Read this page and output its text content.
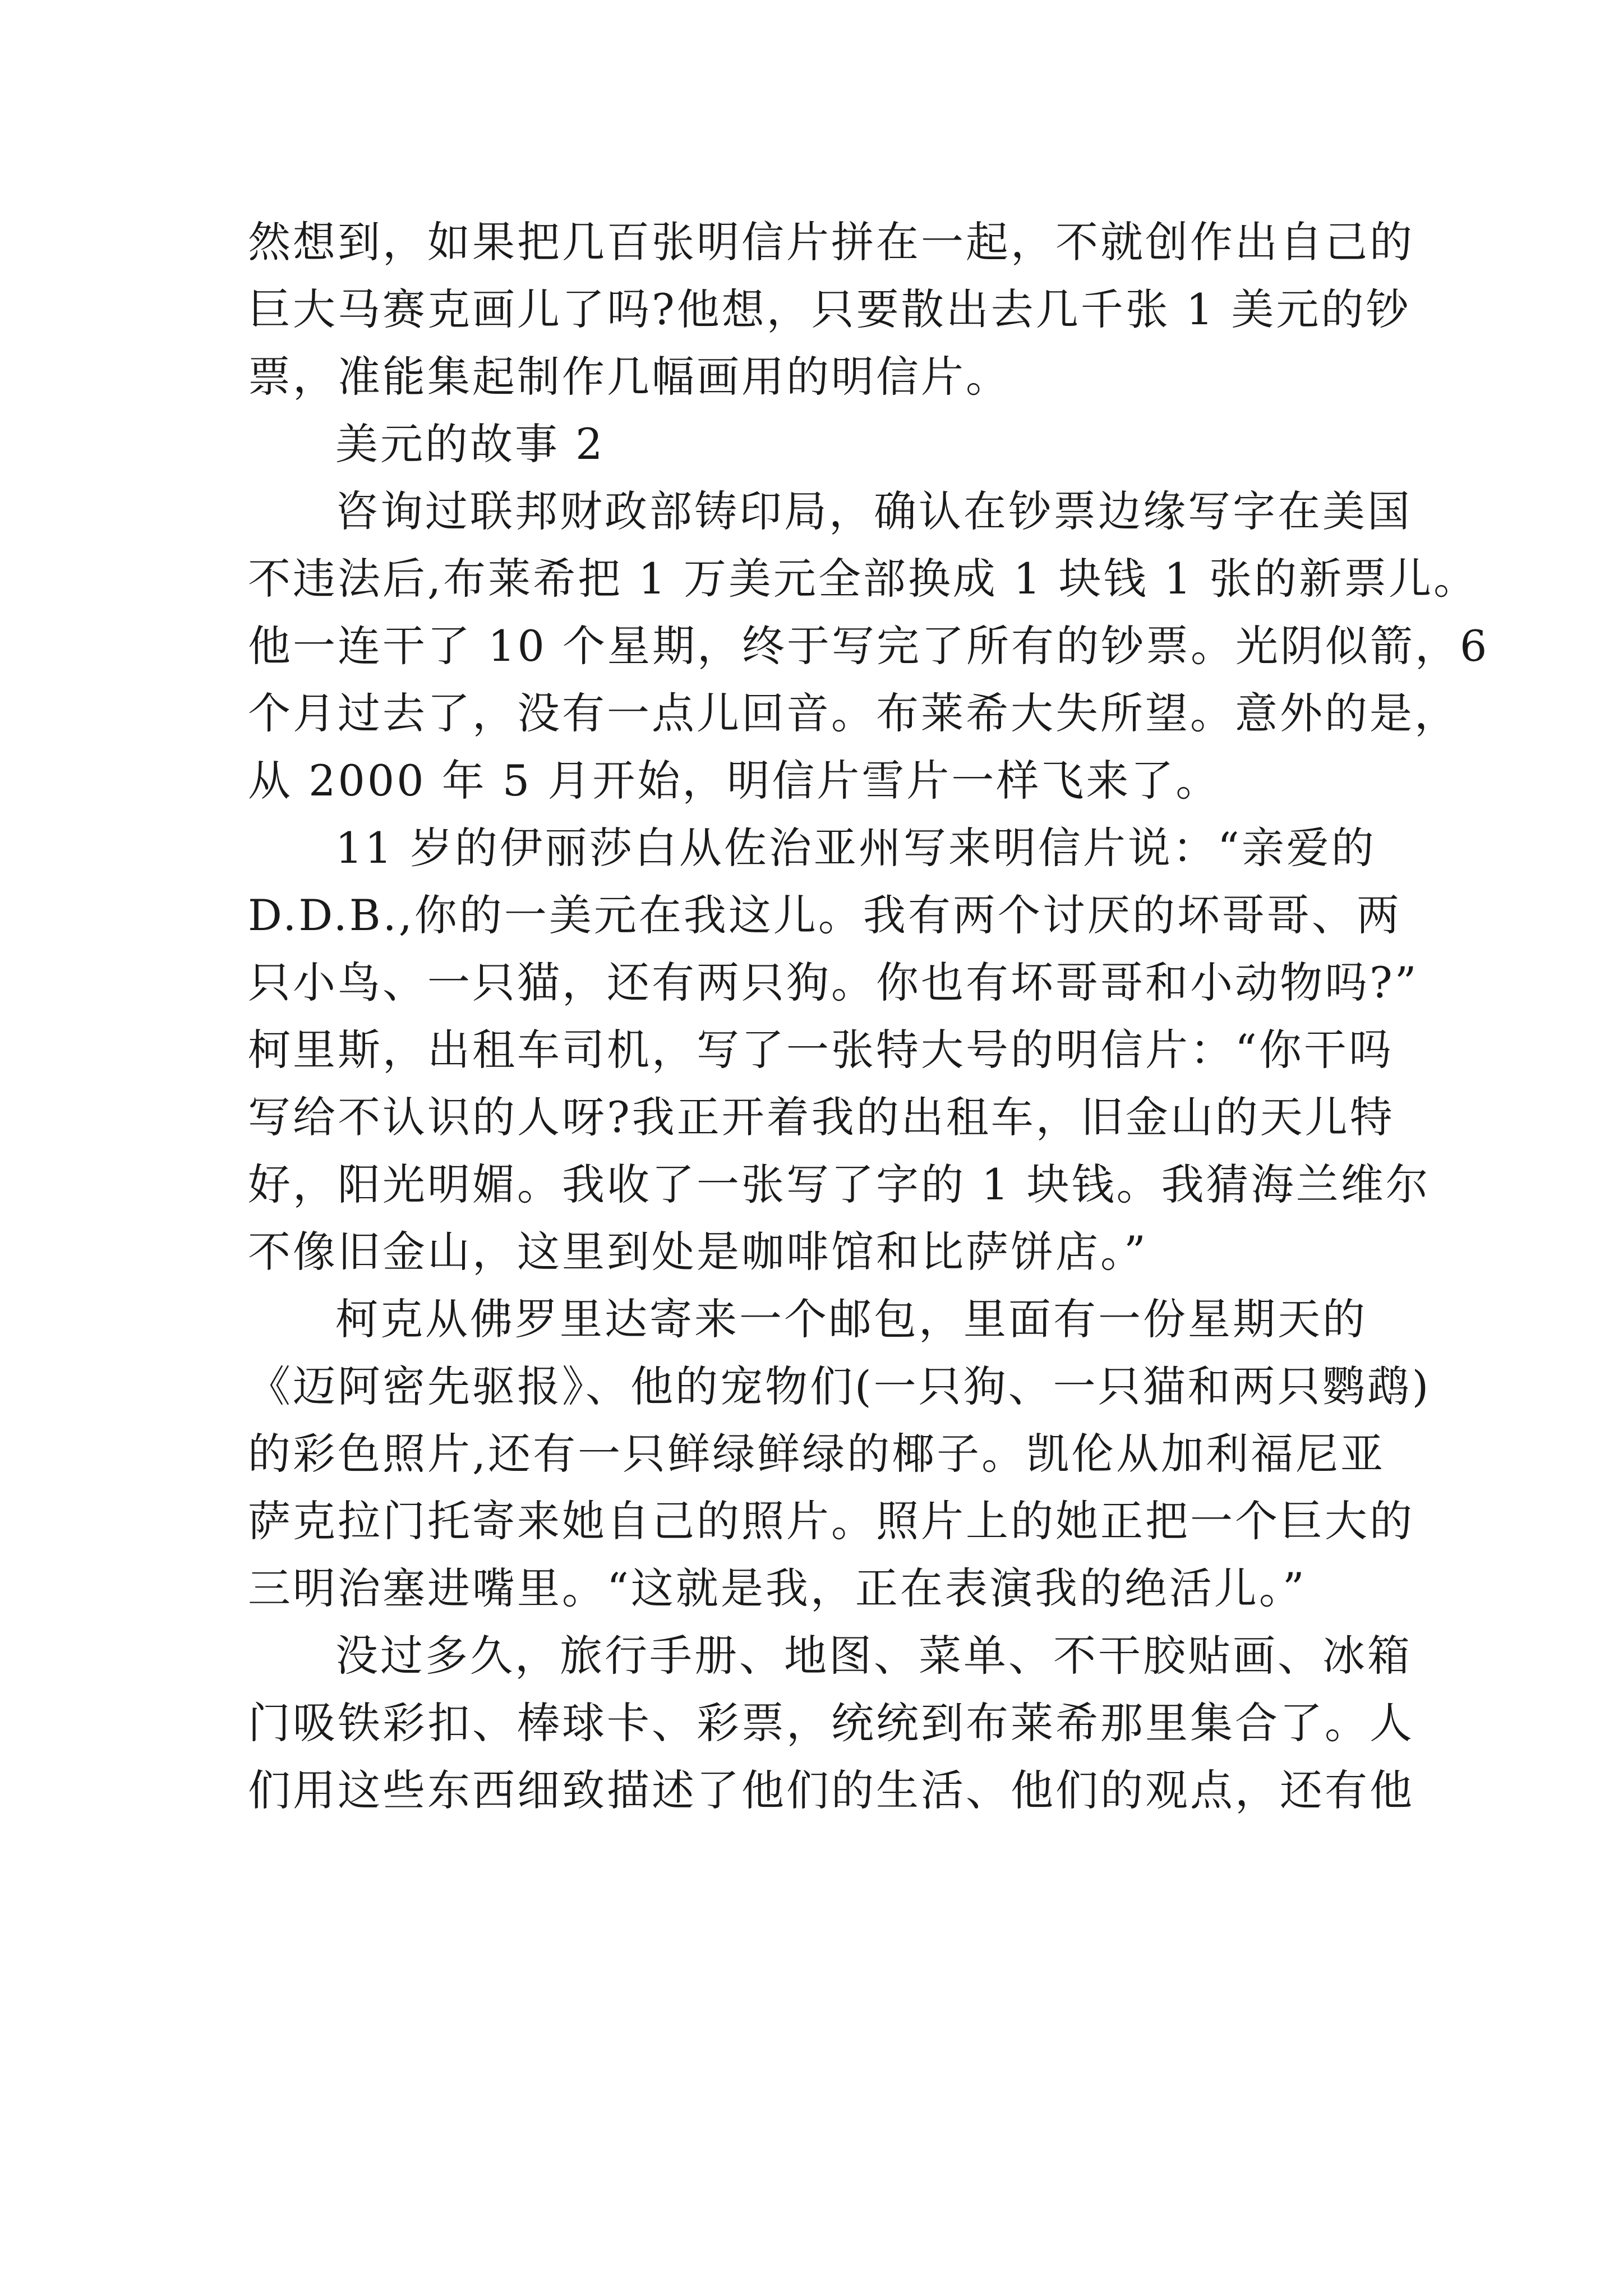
然想到，如果把几百张明信片拼在一起，不就创作出自己的
巨大马赛克画儿了吗?他想，只要散出去几千张 1 美元的钞
票，准能集起制作几幅画用的明信片。
美元的故事 2
咨询过联邦财政部铸印局，确认在钞票边缘写字在美国
不违法后,布莱希把 1 万美元全部换成 1 块钱 1 张的新票儿。
他一连干了 10 个星期，终于写完了所有的钞票。光阴似箭，6
个月过去了，没有一点儿回音。布莱希大失所望。意外的是，
从 2000 年 5 月开始，明信片雪片一样飞来了。
11 岁的伊丽莎白从佐治亚州写来明信片说：“亲爱的
D.D.B.,你的一美元在我这儿。我有两个讨厌的坏哥哥、两
只小鸟、一只猫，还有两只狗。你也有坏哥哥和小动物吗?”
柯里斯，出租车司机，写了一张特大号的明信片：“你干吗
写给不认识的人呀?我正开着我的出租车，旧金山的天儿特
好，阳光明媚。我收了一张写了字的 1 块钱。我猜海兰维尔
不像旧金山，这里到处是咖啡馆和比萨饼店。”
柯克从佛罗里达寄来一个邮包，里面有一份星期天的
《迈阿密先驱报》、他的宠物们(一只狗、一只猫和两只鹦鹉)
的彩色照片,还有一只鲜绿鲜绿的椰子。凯伦从加利福尼亚
萨克拉门托寄来她自己的照片。照片上的她正把一个巨大的
三明治塞进嘴里。“这就是我，正在表演我的绝活儿。”
没过多久，旅行手册、地图、菜单、不干胶贴画、冰箱
门吸铁彩扣、棒球卡、彩票，统统到布莱希那里集合了。人
们用这些东西细致描述了他们的生活、他们的观点，还有他
